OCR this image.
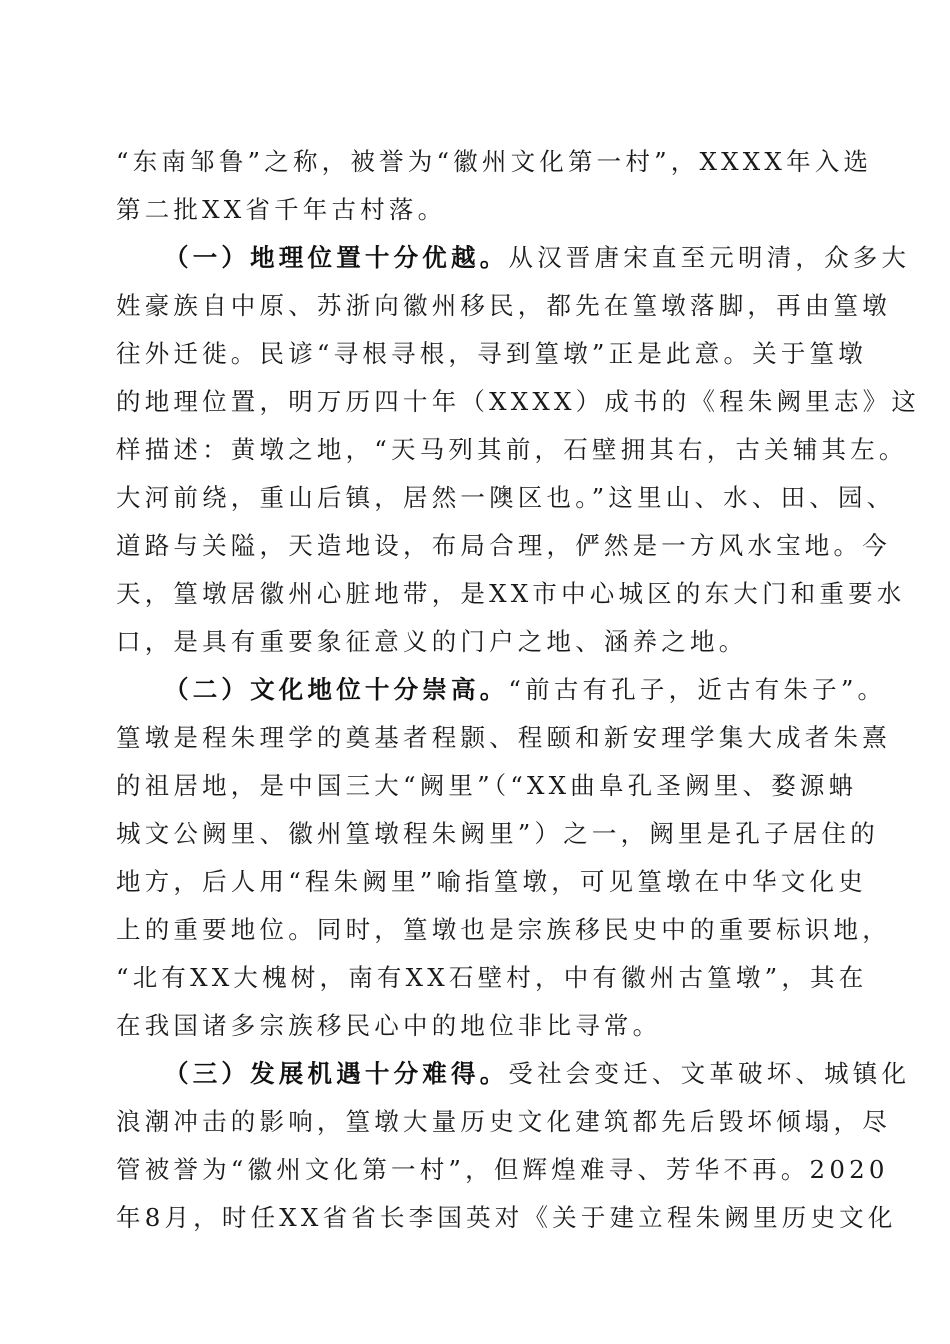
“东南邹鲁”之称，被誉为“徽州文化第一村”，XXXX年入选
第二批XX省千年古村落。
（一）地理位置十分优越。从汉晋唐宋直至元明清，众多大
姓豪族自中原、苏浙向徽州移民，都先在篁墩落脚，再由篁墩
往外迁徙。民谚“寻根寻根，寻到篁墩”正是此意。关于篁墩
的地理位置，明万历四十年（XXXX）成书的《程朱阙里志》这
样描述：黄墩之地，“天马列其前，石壁拥其右，古关辅其左。
大河前绕，重山后镇，居然一隩区也。”这里山、水、田、园、
道路与关隘，天造地设，布局合理，俨然是一方风水宝地。今
天，篁墩居徽州心脏地带，是XX市中心城区的东大门和重要水
口，是具有重要象征意义的门户之地、涵养之地。
（二）文化地位十分崇高。“前古有孔子，近古有朱子”。
篁墩是程朱理学的奠基者程颢、程颐和新安理学集大成者朱熹
的祖居地，是中国三大“阙里”（“XX曲阜孔圣阙里、婺源蚺
城文公阙里、徽州篁墩程朱阙里”）之一，阙里是孔子居住的
地方，后人用“程朱阙里”喻指篁墩，可见篁墩在中华文化史
上的重要地位。同时，篁墩也是宗族移民史中的重要标识地，
“北有XX大槐树，南有XX石壁村，中有徽州古篁墩”，其在
在我国诸多宗族移民心中的地位非比寻常。
（三）发展机遇十分难得。受社会变迁、文革破坏、城镇化
浪潮冲击的影响，篁墩大量历史文化建筑都先后毁坏倾塌，尽
管被誉为“徽州文化第一村”，但辉煌难寻、芳华不再。2020
年8月，时任XX省省长李国英对《关于建立程朱阙里历史文化
